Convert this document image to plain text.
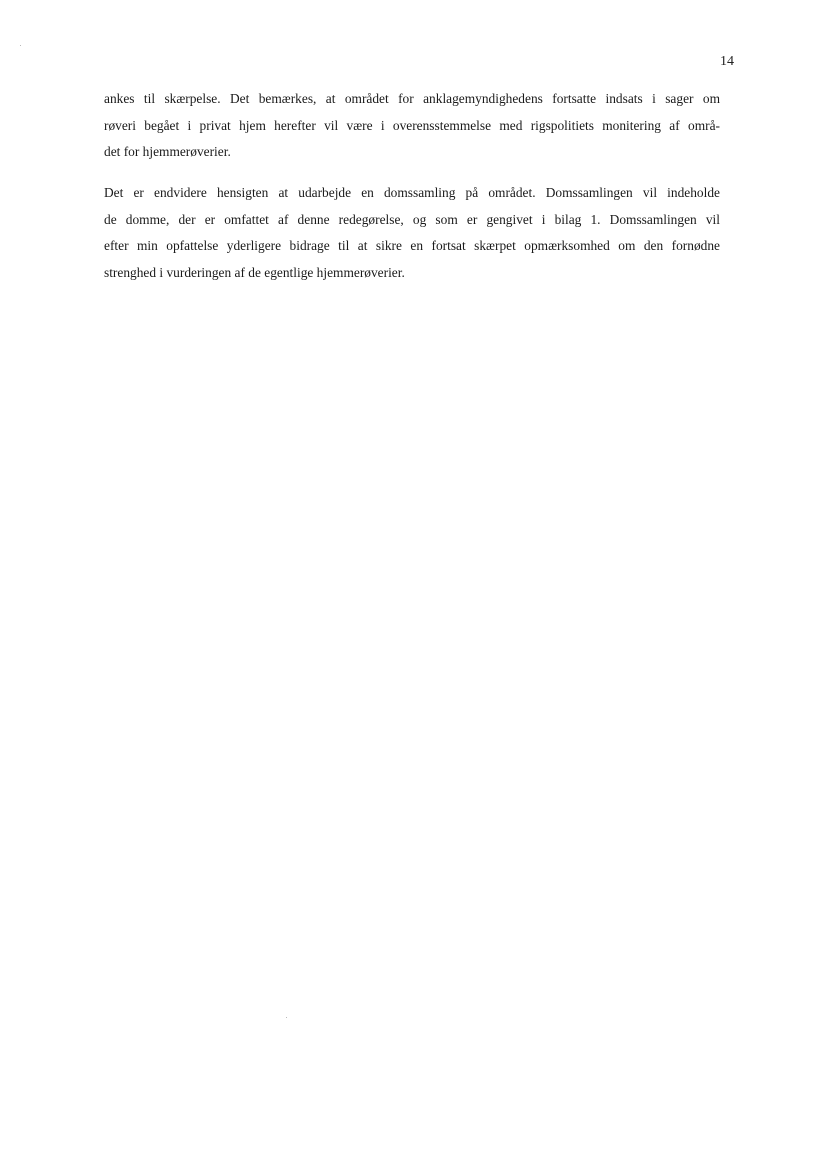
14

ankes til skærpelse. Det bemærkes, at området for anklagemyndighedens fortsatte indsats i sager om
røveri begået i privat hjem herefter vil være i overensstemmelse med rigspolitiets monitering af områ-
det for hjemmerøverier.

Det er endvidere hensigten at udarbejde en domssamling på området. Domssamlingen vil indeholde
de domme, der er omfattet af denne redegørelse, og som er gengivet i bilag 1. Domssamlingen vil
efter min opfattelse yderligere bidrage til at sikre en fortsat skærpet opmærksomhed om den fornødne
strenghed i vurderingen af de egentlige hjemmerøverier.
